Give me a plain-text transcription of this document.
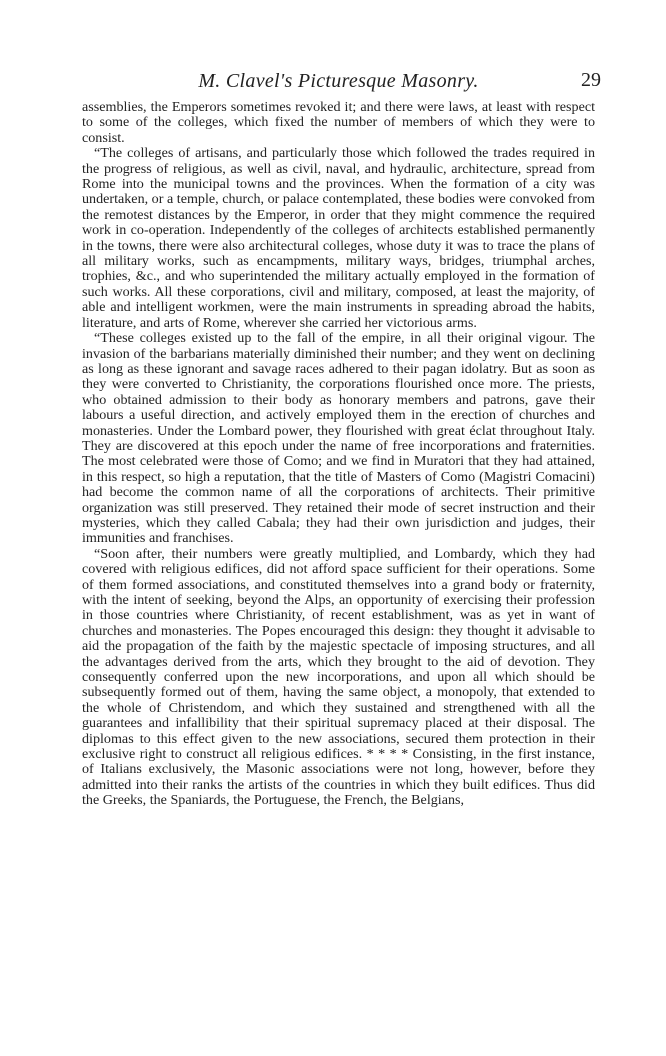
M. Clavel's Picturesque Masonry.	29

assemblies, the Emperors sometimes revoked it; and there were laws, at least with respect to some of the colleges, which fixed the number of members of which they were to consist.

“The colleges of artisans, and particularly those which followed the trades required in the progress of religious, as well as civil, naval, and hydraulic, architecture, spread from Rome into the municipal towns and the provinces. When the formation of a city was undertaken, or a temple, church, or palace contemplated, these bodies were convoked from the remotest distances by the Emperor, in order that they might commence the required work in co-operation. Independently of the colleges of architects established permanently in the towns, there were also architectural colleges, whose duty it was to trace the plans of all military works, such as encampments, military ways, bridges, triumphal arches, trophies, &c., and who superintended the military actually employed in the formation of such works. All these corporations, civil and military, composed, at least the majority, of able and intelligent workmen, were the main instruments in spreading abroad the habits, literature, and arts of Rome, wherever she carried her victorious arms.

“These colleges existed up to the fall of the empire, in all their original vigour. The invasion of the barbarians materially diminished their number; and they went on declining as long as these ignorant and savage races adhered to their pagan idolatry. But as soon as they were converted to Christianity, the corporations flourished once more. The priests, who obtained admission to their body as honorary members and patrons, gave their labours a useful direction, and actively employed them in the erection of churches and monasteries. Under the Lombard power, they flourished with great éclat throughout Italy. They are discovered at this epoch under the name of free incorporations and fraternities. The most celebrated were those of Como; and we find in Muratori that they had attained, in this respect, so high a reputation, that the title of Masters of Como (Magistri Comacini) had become the common name of all the corporations of architects. Their primitive organization was still preserved. They retained their mode of secret instruction and their mysteries, which they called Cabala; they had their own jurisdiction and judges, their immunities and franchises.

“Soon after, their numbers were greatly multiplied, and Lombardy, which they had covered with religious edifices, did not afford space sufficient for their operations. Some of them formed associations, and constituted themselves into a grand body or fraternity, with the intent of seeking, beyond the Alps, an opportunity of exercising their profession in those countries where Christianity, of recent establishment, was as yet in want of churches and monasteries. The Popes encouraged this design: they thought it advisable to aid the propagation of the faith by the majestic spectacle of imposing structures, and all the advantages derived from the arts, which they brought to the aid of devotion. They consequently conferred upon the new incorporations, and upon all which should be subsequently formed out of them, having the same object, a monopoly, that extended to the whole of Christendom, and which they sustained and strengthened with all the guarantees and infallibility that their spiritual supremacy placed at their disposal. The diplomas to this effect given to the new associations, secured them protection in their exclusive right to construct all religious edifices. * * * * Consisting, in the first instance, of Italians exclusively, the Masonic associations were not long, however, before they admitted into their ranks the artists of the countries in which they built edifices. Thus did the Greeks, the Spaniards, the Portuguese, the French, the Belgians,
